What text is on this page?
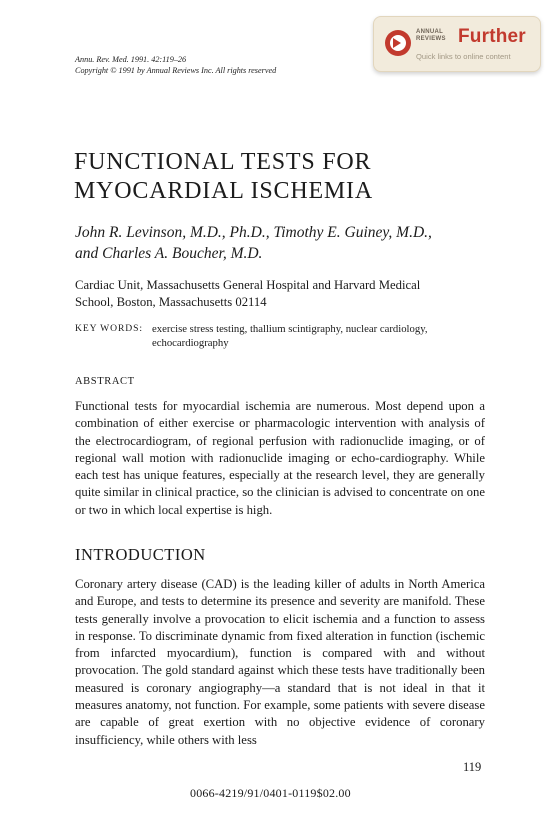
Annu. Rev. Med. 1991. 42:119–26
Copyright © 1991 by Annual Reviews Inc. All rights reserved
ANNUAL
REVIEWS Further
Quick links to online content
FUNCTIONAL TESTS FOR
MYOCARDIAL ISCHEMIA
John R. Levinson, M.D., Ph.D., Timothy E. Guiney, M.D.,
and Charles A. Boucher, M.D.
Cardiac Unit, Massachusetts General Hospital and Harvard Medical
School, Boston, Massachusetts 02114
KEY WORDS: exercise stress testing, thallium scintigraphy, nuclear cardiology,
echocardiography
ABSTRACT
Functional tests for myocardial ischemia are numerous. Most depend upon a combination of either exercise or pharmacologic intervention with analysis of the electrocardiogram, of regional perfusion with radionuclide imaging, or of regional wall motion with radionuclide imaging or echo-cardiography. While each test has unique features, especially at the research level, they are generally quite similar in clinical practice, so the clinician is advised to concentrate on one or two in which local expertise is high.
INTRODUCTION
Coronary artery disease (CAD) is the leading killer of adults in North America and Europe, and tests to determine its presence and severity are manifold. These tests generally involve a provocation to elicit ischemia and a function to assess in response. To discriminate dynamic from fixed alteration in function (ischemic from infarcted myocardium), function is compared with and without provocation. The gold standard against which these tests have traditionally been measured is coronary angiography—a standard that is not ideal in that it measures anatomy, not function. For example, some patients with severe disease are capable of great exertion with no objective evidence of coronary insufficiency, while others with less
119
0066-4219/91/0401-0119$02.00
